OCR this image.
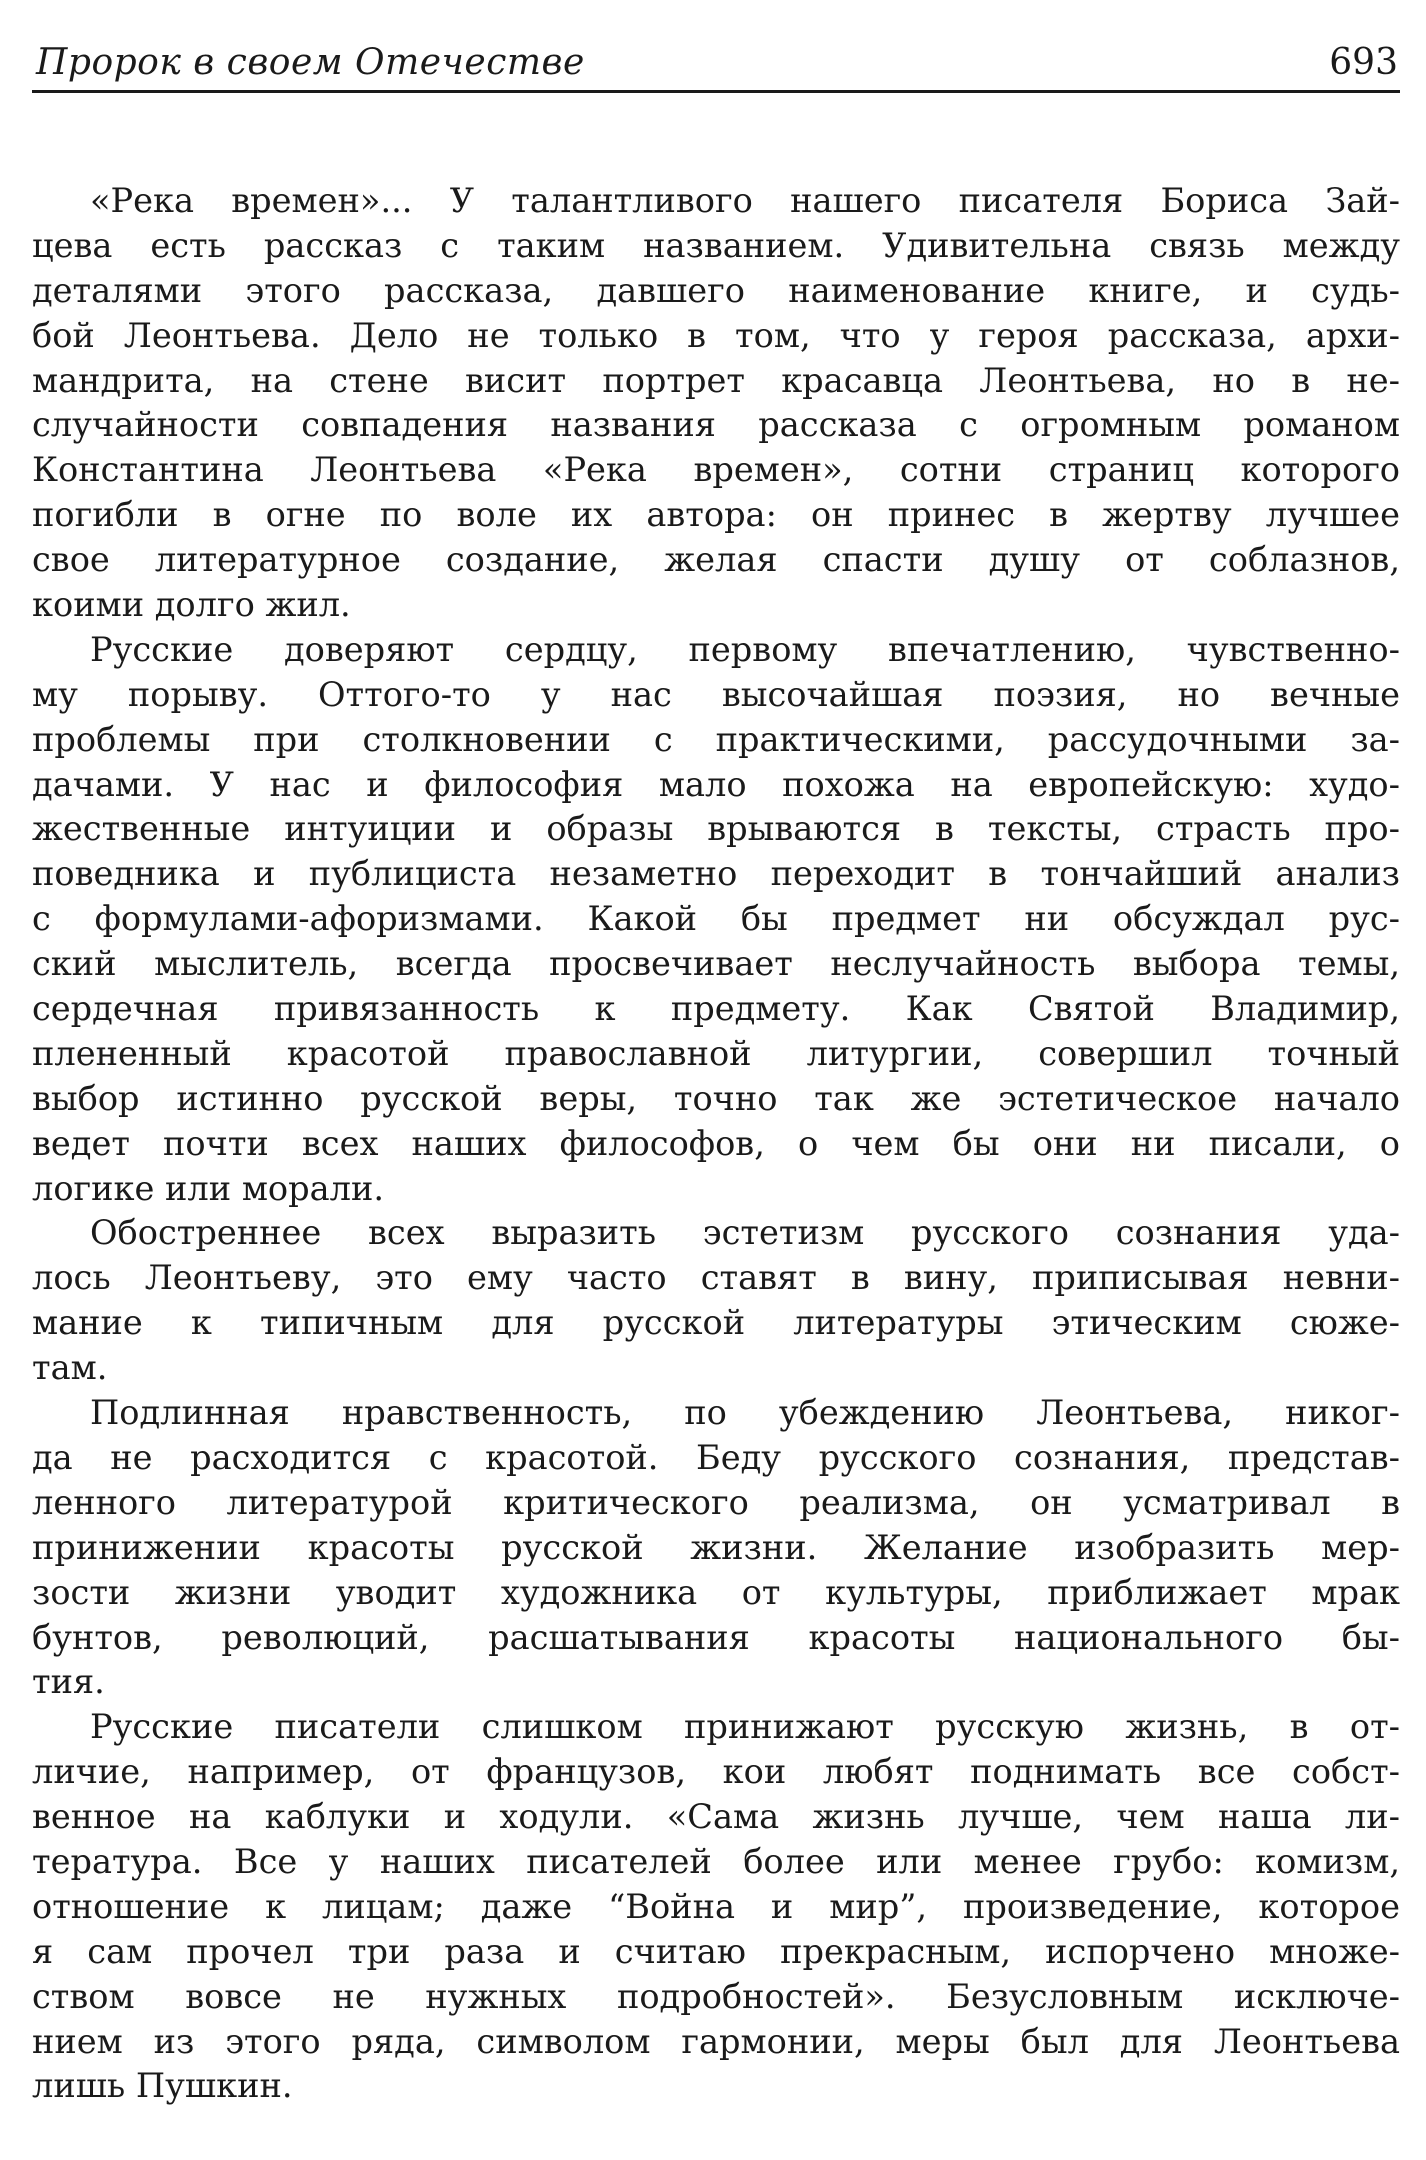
Пророк в своем Отечестве	693
«Река времен»... У талантливого нашего писателя Бориса Зай-
цева есть рассказ с таким названием. Удивительна связь между
деталями этого рассказа, давшего наименование книге, и судь-
бой Леонтьева. Дело не только в том, что у героя рассказа, архи-
мандрита, на стене висит портрет красавца Леонтьева, но в не-
случайности совпадения названия рассказа с огромным романом
Константина Леонтьева «Река времен», сотни страниц которого
погибли в огне по воле их автора: он принес в жертву лучшее
свое литературное создание, желая спасти душу от соблазнов,
коими долго жил.
Русские доверяют сердцу, первому впечатлению, чувственно-
му порыву. Оттого-то у нас высочайшая поэзия, но вечные
проблемы при столкновении с практическими, рассудочными за-
дачами. У нас и философия мало похожа на европейскую: худо-
жественные интуиции и образы врываются в тексты, страсть про-
поведника и публициста незаметно переходит в тончайший анализ
с формулами-афоризмами. Какой бы предмет ни обсуждал рус-
ский мыслитель, всегда просвечивает неслучайность выбора темы,
сердечная привязанность к предмету. Как Святой Владимир,
плененный красотой православной литургии, совершил точный
выбор истинно русской веры, точно так же эстетическое начало
ведет почти всех наших философов, о чем бы они ни писали, о
логике или морали.
Обостреннее всех выразить эстетизм русского сознания уда-
лось Леонтьеву, это ему часто ставят в вину, приписывая невни-
мание к типичным для русской литературы этическим сюже-
там.
Подлинная нравственность, по убеждению Леонтьева, никог-
да не расходится с красотой. Беду русского сознания, представ-
ленного литературой критического реализма, он усматривал в
принижении красоты русской жизни. Желание изобразить мер-
зости жизни уводит художника от культуры, приближает мрак
бунтов, революций, расшатывания красоты национального бы-
тия.
Русские писатели слишком принижают русскую жизнь, в от-
личие, например, от французов, кои любят поднимать все собст-
венное на каблуки и ходули. «Сама жизнь лучше, чем наша ли-
тература. Все у наших писателей более или менее грубо: комизм,
отношение к лицам; даже “Война и мир”, произведение, которое
я сам прочел три раза и считаю прекрасным, испорчено множе-
ством вовсе не нужных подробностей». Безусловным исключе-
нием из этого ряда, символом гармонии, меры был для Леонтьева
лишь Пушкин.
